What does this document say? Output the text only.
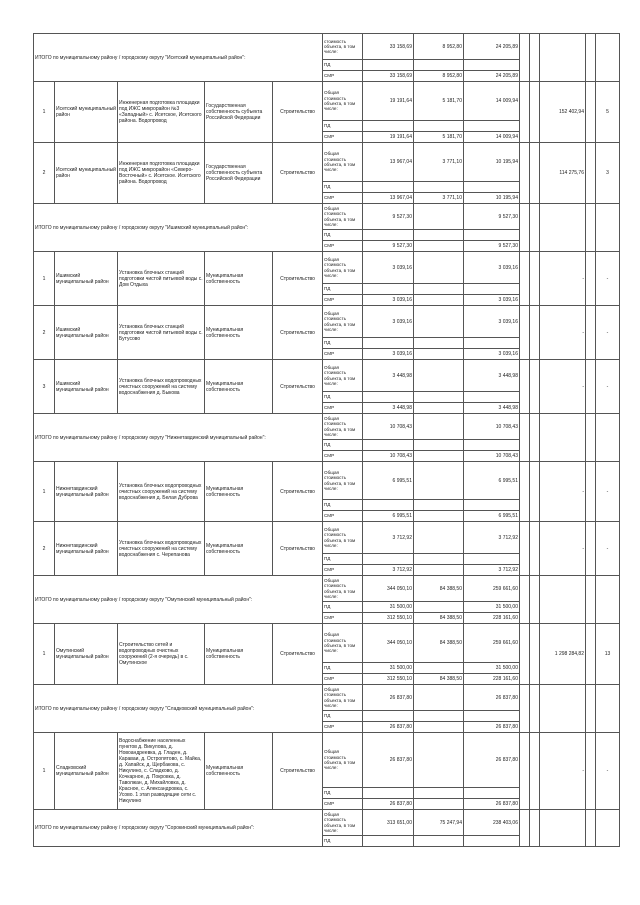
ИТОГО по муниципальному району / городскому округу "Исетский муниципальный район":					стоимость объекта, в том числе:	33 158,69	8 952,80	24 205,89					
					ПД								
					СМР	33 158,69	8 952,80	24 205,89					
1	Исетский муниципальный район	Инженерная подготовка площадки под ИЖС микрорайон №3 «Западный» с. Исетское, Исетского района. Водопровод	Государственная собственность субъекта Российской Федерации	Строительство	Общая стоимость объекта, в том числе:	19 191,64	5 181,70	14 009,94			152 402,94		5
					ПД								
					СМР	19 191,64	5 181,70	14 009,94					
2	Исетский муниципальный район	Инженерная подготовка площадки под ИЖС микрорайон «Северо-Восточный» с. Исетское. Исетского района. Водопровод	Государственная собственность субъекта Российской Федерации	Строительство	Общая стоимость объекта, в том числе:	13 967,04	3 771,10	10 195,94			114 275,76		3
					ПД								
					СМР	13 967,04	3 771,10	10 195,94					
ИТОГО по муниципальному району / городскому округу "Ишимский муниципальный район":					Общая стоимость объекта, в том числе:	9 527,30		9 527,30					
					ПД								
					СМР	9 527,30		9 527,30					
1	Ишимский муниципальный район	Установка блочных станций подготовки чистой питьевой воды с. Дом Отдыха	Муниципальная собственность	Строительство	Общая стоимость объекта, в том числе:	3 039,16		3 039,16			-		-
					ПД								
					СМР	3 039,16		3 039,16					
2	Ишимский муниципальный район	Установка блочных станций подготовки чистой питьевой воды с. Бутусово	Муниципальная собственность	Строительство	Общая стоимость объекта, в том числе:	3 039,16		3 039,16			-		-
					ПД								
					СМР	3 039,16		3 039,16					
3	Ишимский муниципальный район	Установка блочных водопроводных очистных сооружений на систему водоснабжения д. Быкова	Муниципальная собственность	Строительство	Общая стоимость объекта, в том числе:	3 448,98		3 448,98			-		-
					ПД								
					СМР	3 448,98		3 448,98					
ИТОГО по муниципальному району / городскому округу "Нижнетавдинский муниципальный район":					Общая стоимость объекта, в том числе:	10 708,43		10 708,43					
					ПД								
					СМР	10 708,43		10 708,43					
1	Нижнетавдинский муниципальный район	Установка блочных водопроводных очистных сооружений на систему водоснабжения д. Белая Дуброва	Муниципальная собственность	Строительство	Общая стоимость объекта, в том числе:	6 995,51		6 995,51			-		-
					ПД								
					СМР	6 995,51		6 995,51					
2	Нижнетавдинский муниципальный район	Установка блочных водопроводных очистных сооружений на систему водоснабжения с. Черепанова	Муниципальная собственность	Строительство	Общая стоимость объекта, в том числе:	3 712,92		3 712,92			-		-
					ПД								
					СМР	3 712,92		3 712,92					
ИТОГО по муниципальному району / городскому округу "Омутинский муниципальный район":					Общая стоимость объекта, в том числе:	344 050,10	84 388,50	259 661,60					
					ПД	31 500,00		31 500,00					
					СМР	312 550,10	84 388,50	228 161,60					
1	Омутинский муниципальный район	Строительство сетей и водопроводных очистных сооружений (2-я очередь) в с. Омутинское	Муниципальная собственность	Строительство	Общая стоимость объекта, в том числе:	344 050,10	84 388,50	259 661,60			1 298 284,82		13
					ПД	31 500,00		31 500,00					
					СМР	312 550,10	84 388,50	228 161,60					
ИТОГО по муниципальному району / городскому округу "Сладковский муниципальный район":					Общая стоимость объекта, в том числе:	26 837,80		26 837,80					
					ПД								
					СМР	26 837,80		26 837,80					
1	Сладковский муниципальный район	Водоснабжение населенных пунктов д. Викулова, д. Новоандреевка, д. Гладен, д. Караваи, д. Остропятово, с. Майка, д. Хапайск, д. Щербакова, с. Никулино, с. Сладково, д. Кочкарное, д. Покровка, д. Таволжан, д. Михайловка, д. Красное, с. Александровка, с. Усово. 1 этап разводящие сети с. Никулино	Муниципальная собственность	Строительство	Общая стоимость объекта, в том числе:	26 837,80		26 837,80			-		-
					ПД								
					СМР	26 837,80		26 837,80					
ИТОГО по муниципальному району / городскому округу "Сорокинский муниципальный район":					Общая стоимость объекта, в том числе:	313 651,00	75 247,94	238 403,06					
					ПД								
